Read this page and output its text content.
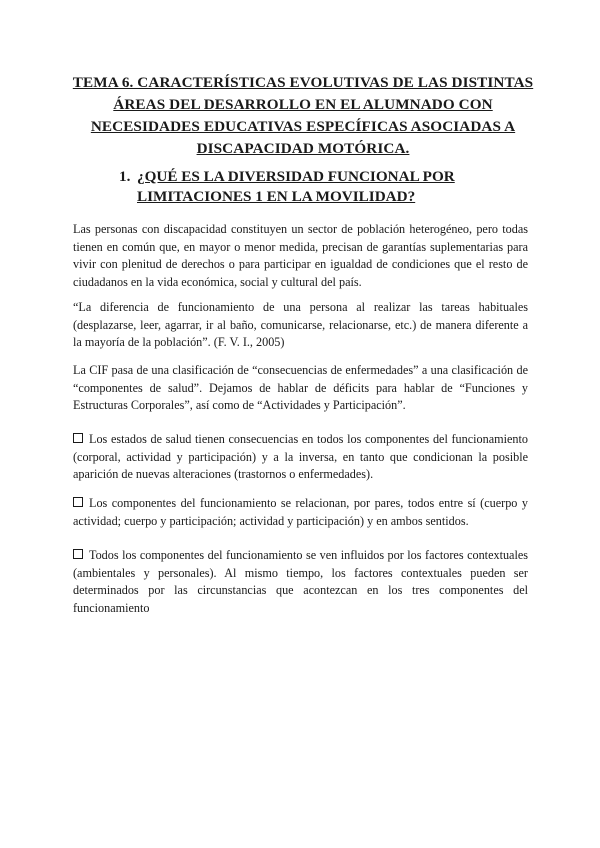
TEMA 6. CARACTERÍSTICAS EVOLUTIVAS DE LAS DISTINTAS ÁREAS DEL DESARROLLO EN EL ALUMNADO CON NECESIDADES EDUCATIVAS ESPECÍFICAS ASOCIADAS A DISCAPACIDAD MOTÓRICA.
1. ¿QUÉ ES LA DIVERSIDAD FUNCIONAL POR LIMITACIONES 1 EN LA MOVILIDAD?
Las personas con discapacidad constituyen un sector de población heterogéneo, pero todas tienen en común que, en mayor o menor medida, precisan de garantías suplementarias para vivir con plenitud de derechos o para participar en igualdad de condiciones que el resto de ciudadanos en la vida económica, social y cultural del país.
“La diferencia de funcionamiento de una persona al realizar las tareas habituales (desplazarse, leer, agarrar, ir al baño, comunicarse, relacionarse, etc.) de manera diferente a la mayoría de la población”. (F. V. I., 2005)
La CIF pasa de una clasificación de “consecuencias de enfermedades” a una clasificación de “componentes de salud”. Dejamos de hablar de déficits para hablar de “Funciones y Estructuras Corporales”, así como de “Actividades y Participación”.
Los estados de salud tienen consecuencias en todos los componentes del funcionamiento (corporal, actividad y participación) y a la inversa, en tanto que condicionan la posible aparición de nuevas alteraciones (trastornos o enfermedades).
Los componentes del funcionamiento se relacionan, por pares, todos entre sí (cuerpo y actividad; cuerpo y participación; actividad y participación) y en ambos sentidos.
Todos los componentes del funcionamiento se ven influidos por los factores contextuales (ambientales y personales). Al mismo tiempo, los factores contextuales pueden ser determinados por las circunstancias que acontezcan en los tres componentes del funcionamiento
